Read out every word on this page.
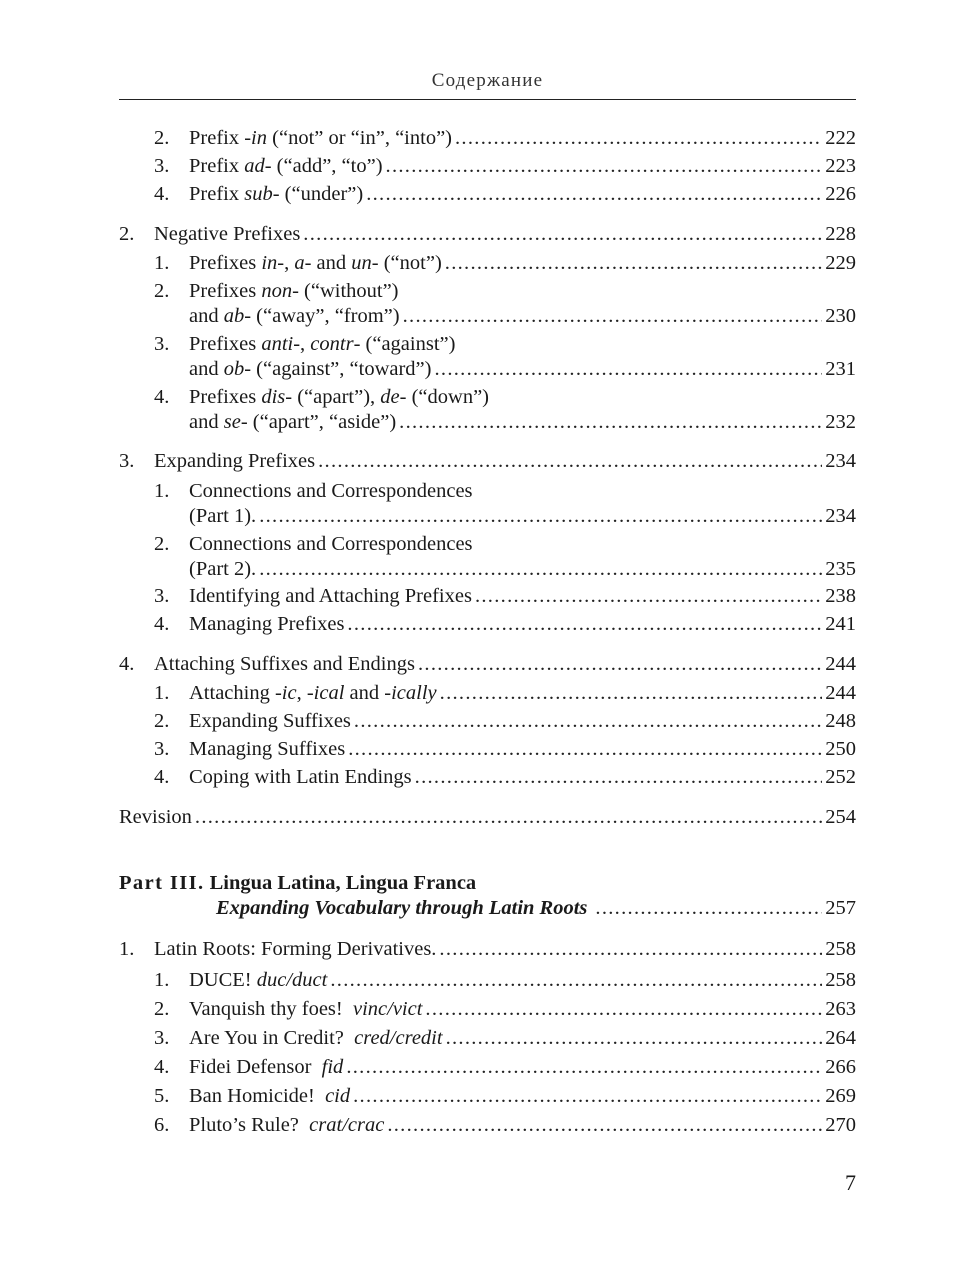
Содержание
2. Prefix -in (“not” or “in”, “into”) .....	222
3. Prefix ad- (“add”, “to”) .....	223
4. Prefix sub- (“under”) .....	226
2. Negative Prefixes .....	228
1. Prefixes in-, a- and un- (“not”) .....	229
2. Prefixes non- (“without”)
and ab- (“away”, “from”) .....	230
3. Prefixes anti-, contr- (“against”)
and ob- (“against”, “toward”) .....	231
4. Prefixes dis- (“apart”), de- (“down”)
and se- (“apart”, “aside”) .....	232
3. Expanding Prefixes .....	234
1. Connections and Correspondences
(Part 1). .....	234
2. Connections and Correspondences
(Part 2). .....	235
3. Identifying and Attaching Prefixes .....	238
4. Managing Prefixes .....	241
4. Attaching Suffixes and Endings .....	244
1. Attaching -ic, -ical and -ically .....	244
2. Expanding Suffixes .....	248
3. Managing Suffixes .....	250
4. Coping with Latin Endings .....	252
Revision .....	254
Part III. Lingua Latina, Lingua Franca
Expanding Vocabulary through Latin Roots .....	257
1. Latin Roots: Forming Derivatives. .....	258
1. DUCE! duc/duct .....	258
2. Vanquish thy foes!  vinc/vict .....	263
3. Are You in Credit?  cred/credit .....	264
4. Fidei Defensor  fid .....	266
5. Ban Homicide!  cid .....	269
6. Pluto’s Rule?  crat/crac .....	270
7
